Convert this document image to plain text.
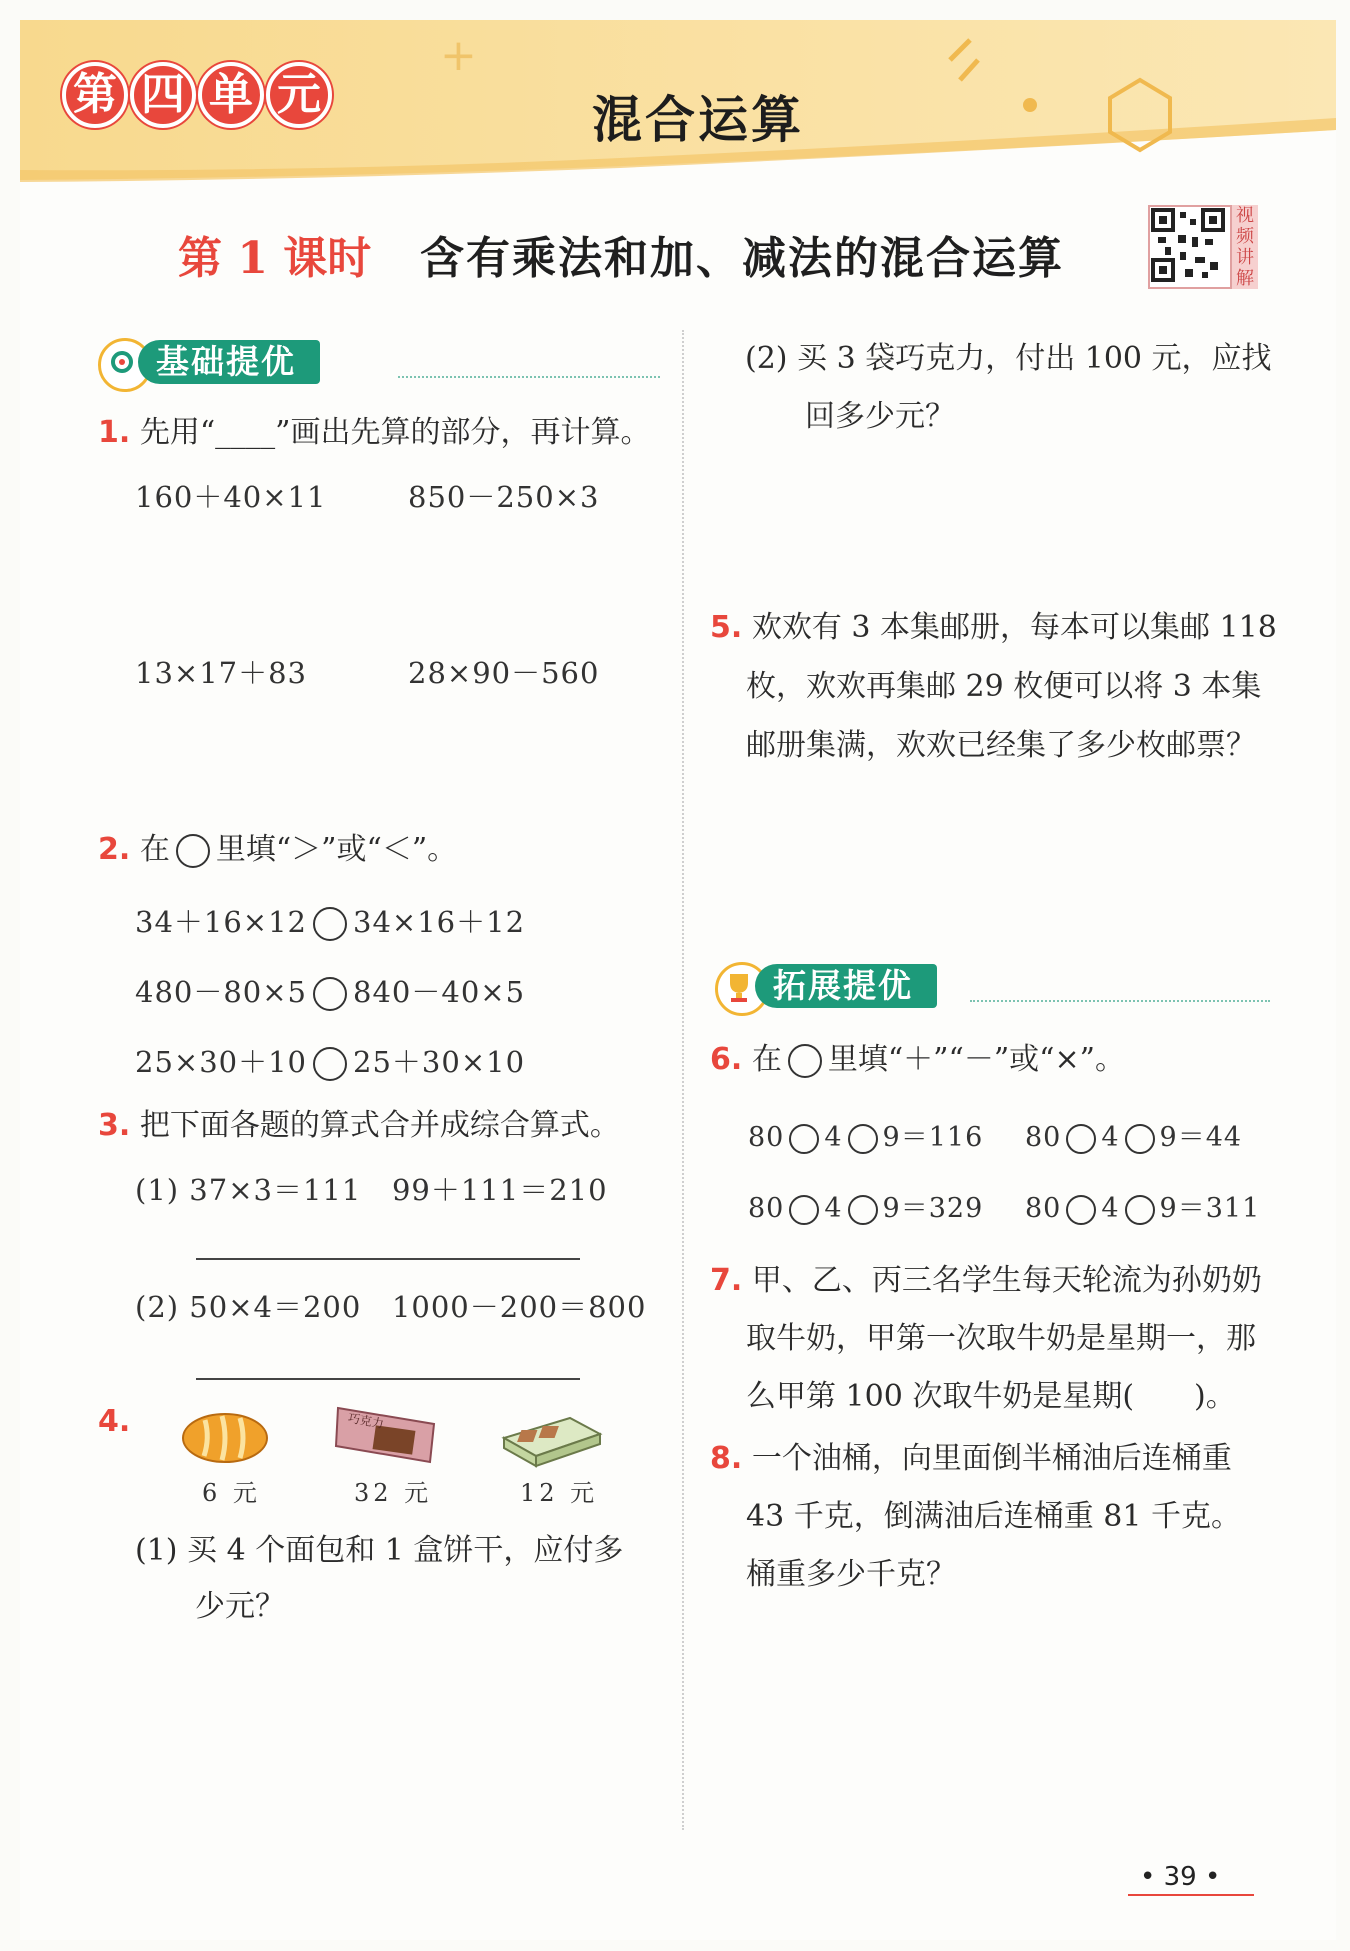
+
第 四 单 元	混合运算
第 1 课时 含有乘法和加、减法的混合运算
视频讲解
基础提优
1. 先用“____”画出先算的部分，再计算。
160＋40×11	850－250×3
13×17＋83	28×90－560
2. 在 里填“＞”或“＜”。
34＋16×12 34×16＋12
480－80×5 840－40×5
25×30＋10 25＋30×10
3. 把下面各题的算式合并成综合算式。
(1) 37×3＝111   99＋111＝210
(2) 50×4＝200   1000－200＝800
4.	巧克力
6 元	32 元	12 元
(1) 买 4 个面包和 1 盒饼干，应付多
少元？
(2) 买 3 袋巧克力，付出 100 元，应找
回多少元？
5. 欢欢有 3 本集邮册，每本可以集邮 118
枚，欢欢再集邮 29 枚便可以将 3 本集
邮册集满，欢欢已经集了多少枚邮票？
拓展提优
6. 在 里填“＋”“－”或“×”。
80 4 9＝116 80 4 9＝44
80 4 9＝329 80 4 9＝311
7. 甲、乙、丙三名学生每天轮流为孙奶奶
取牛奶，甲第一次取牛奶是星期一，那
么甲第 100 次取牛奶是星期(　　)。
8. 一个油桶，向里面倒半桶油后连桶重
43 千克，倒满油后连桶重 81 千克。
桶重多少千克？
• 39 •
